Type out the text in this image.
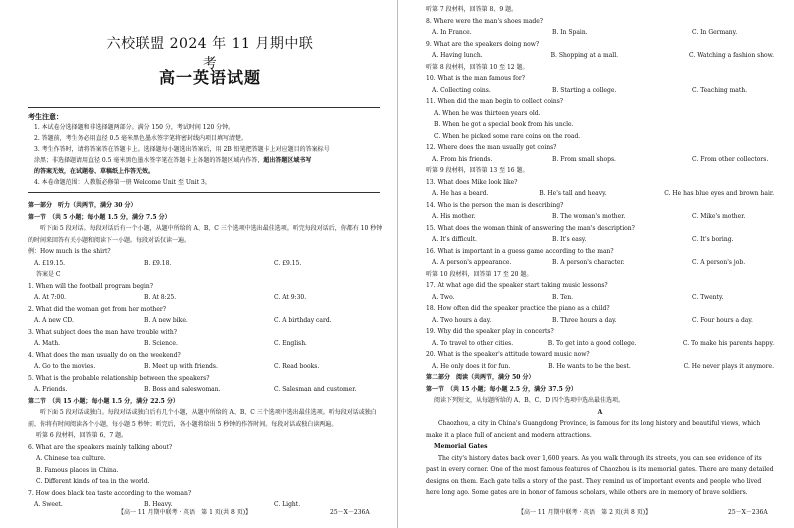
六校联盟 2024 年 11 月期中联考
高一英语试题
考生注意：
1. 本试卷分选择题和非选择题两部分。满分 150 分，考试时间 120 分钟。
2. 答题前，考生务必用直径 0.5 毫米黑色墨水签字笔将密封线内项目填写清楚。
3. 考生作答时，请将答案答在答题卡上。选择题每小题选出答案后，用 2B 铅笔把答题卡上对应题目的答案标号
涂黑；非选择题请用直径 0.5 毫米黑色墨水签字笔在答题卡上各题的答题区域内作答，超出答题区域书写
的答案无效，在试题卷、草稿纸上作答无效。
4. 本卷命题范围：人教版必修第一册 Welcome Unit 至 Unit 3。
第一部分　听力（共两节，满分 30 分）
第一节　（共 5 小题；每小题 1.5 分，满分 7.5 分）
听下面 5 段对话。每段对话后有一个小题，从题中所给的 A、B、C 三个选项中选出最佳选项。听完每段对话后，你都有 10 秒钟的时间来回答有关小题和阅读下一小题。每段对话仅读一遍。
例：How much is the shirt?
A. £19.15.	B. £9.18.	C. £9.15.
答案是 C
1. When will the football program begin?
A. At 7:00.	B. At 8:25.	C. At 9:30.
2. What did the woman get from her mother?
A. A new CD.	B. A new bike.	C. A birthday card.
3. What subject does the man have trouble with?
A. Math.	B. Science.	C. English.
4. What does the man usually do on the weekend?
A. Go to the movies.	B. Meet up with friends.	C. Read books.
5. What is the probable relationship between the speakers?
A. Friends.	B. Boss and saleswoman.	C. Salesman and customer.
第二节　（共 15 小题；每小题 1.5 分，满分 22.5 分）
听下面 5 段对话或独白。每段对话或独白后有几个小题，从题中所给的 A、B、C 三个选项中选出最佳选项。听每段对话或独白前，你将有时间阅读各个小题，每小题 5 秒钟；听完后，各小题将给出 5 秒钟的作答时间。每段对话或独白读两遍。
听第 6 段材料，回答第 6、7 题。
6. What are the speakers mainly talking about?
A. Chinese tea culture.
B. Famous places in China.
C. Different kinds of tea in the world.
7. How does black tea taste according to the woman?
A. Sweet.	B. Heavy.	C. Light.
【高一 11 月期中联考 · 英语　第 1 页(共 8 页)】	25－X－236A
听第 7 段材料，回答第 8、9 题。
8. Where were the man's shoes made?
A. In France.	B. In Spain.	C. In Germany.
9. What are the speakers doing now?
A. Having lunch.	B. Shopping at a mall.	C. Watching a fashion show.
听第 8 段材料，回答第 10 至 12 题。
10. What is the man famous for?
A. Collecting coins.	B. Starting a college.	C. Teaching math.
11. When did the man begin to collect coins?
A. When he was thirteen years old.
B. When he got a special book from his uncle.
C. When he picked some rare coins on the road.
12. Where does the man usually get coins?
A. From his friends.	B. From small shops.	C. From other collectors.
听第 9 段材料，回答第 13 至 16 题。
13. What does Mike look like?
A. He has a beard.	B. He's tall and heavy.	C. He has blue eyes and brown hair.
14. Who is the person the man is describing?
A. His mother.	B. The woman's mother.	C. Mike's mother.
15. What does the woman think of answering the man's description?
A. It's difficult.	B. It's easy.	C. It's boring.
16. What is important in a guess game according to the man?
A. A person's appearance.	B. A person's character.	C. A person's job.
听第 10 段材料，回答第 17 至 20 题。
17. At what age did the speaker start taking music lessons?
A. Two.	B. Ten.	C. Twenty.
18. How often did the speaker practice the piano as a child?
A. Two hours a day.	B. Three hours a day.	C. Four hours a day.
19. Why did the speaker play in concerts?
A. To travel to other cities.	B. To get into a good college.	C. To make his parents happy.
20. What is the speaker's attitude toward music now?
A. He only does it for fun.	B. He wants to be the best.	C. He never plays it anymore.
第二部分　阅读（共两节，满分 50 分）
第一节　（共 15 小题；每小题 2.5 分，满分 37.5 分）
阅读下列短文，从每题所给的 A、B、C、D 四个选项中选出最佳选项。
A
Chaozhou, a city in China's Guangdong Province, is famous for its long history and beautiful views, which make it a place full of ancient and modern attractions.
Memorial Gates
The city's history dates back over 1,600 years. As you walk through its streets, you can see evidence of its past in every corner. One of the most famous features of Chaozhou is its memorial gates. There are many detailed designs on them. Each gate tells a story of the past. They remind us of important events and people who lived here long ago. Some gates are in honor of famous scholars, while others are in memory of brave soldiers.
【高一 11 月期中联考 · 英语　第 2 页(共 8 页)】	25－X－236A
